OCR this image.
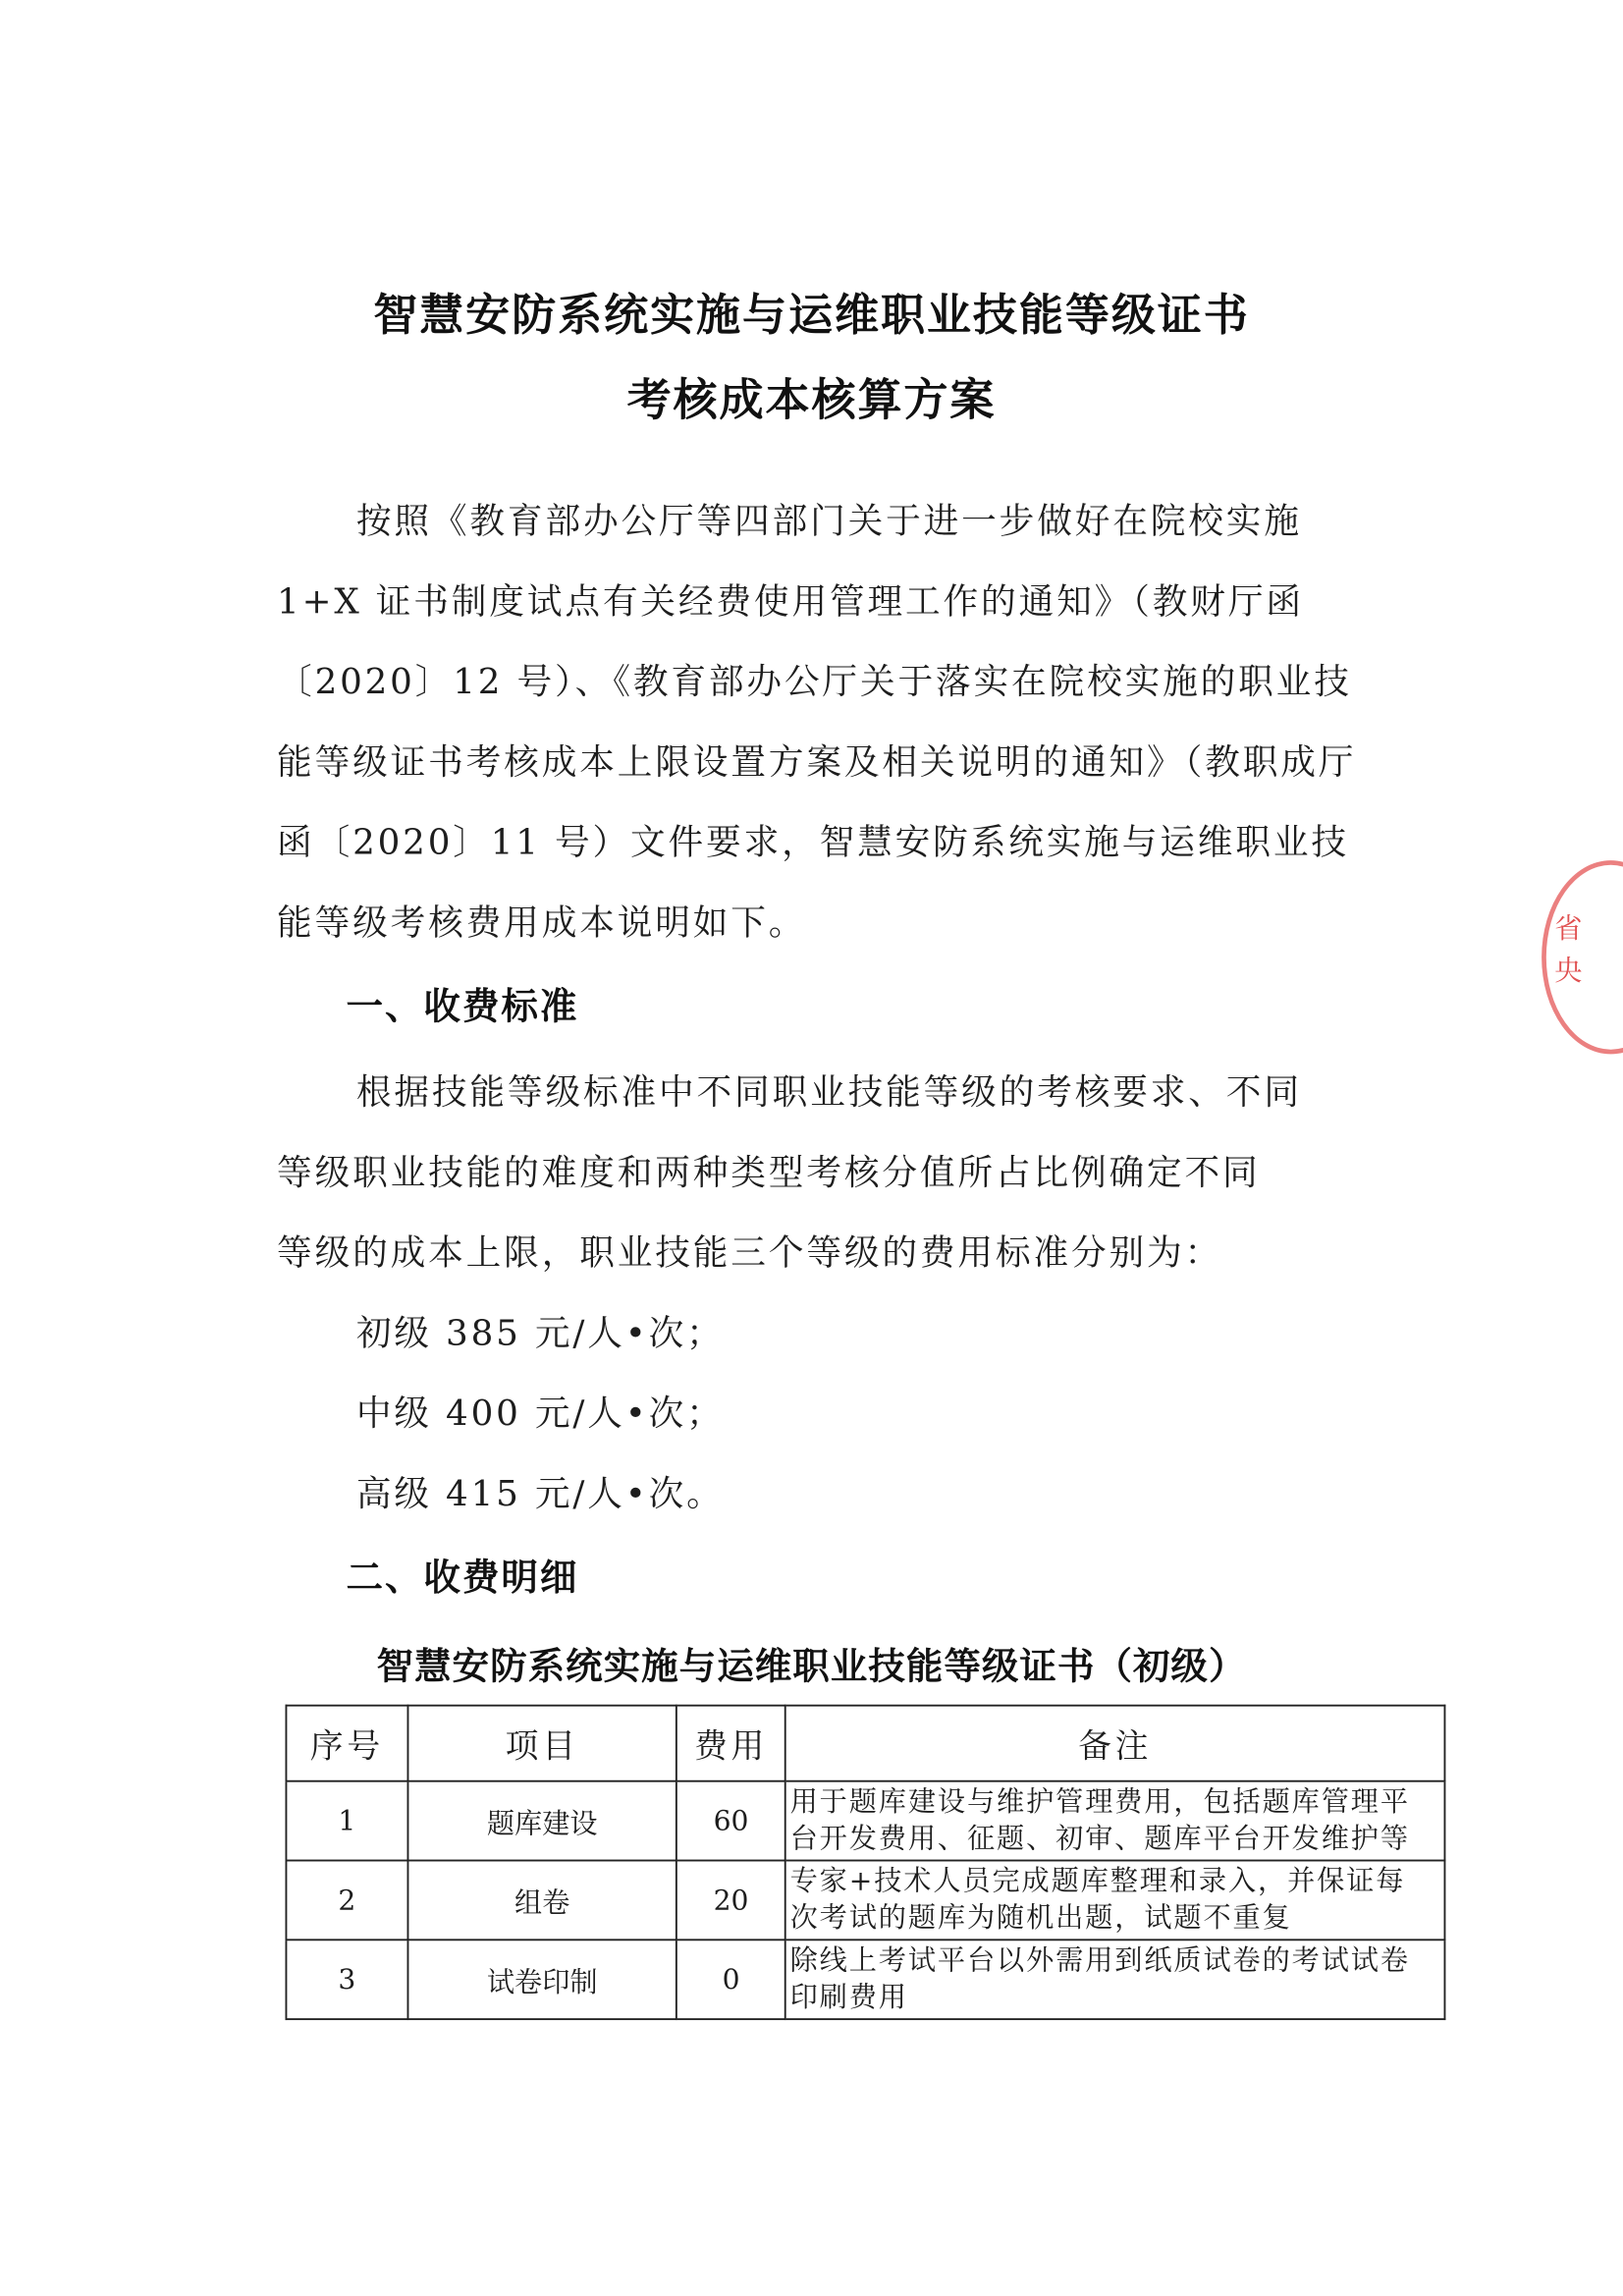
智慧安防系统实施与运维职业技能等级证书
考核成本核算方案
按照《教育部办公厅等四部门关于进一步做好在院校实施
1+X 证书制度试点有关经费使用管理工作的通知》（教财厅函
〔2020〕12 号）、《教育部办公厅关于落实在院校实施的职业技
能等级证书考核成本上限设置方案及相关说明的通知》（教职成厅
函〔2020〕11 号）文件要求，智慧安防系统实施与运维职业技
能等级考核费用成本说明如下。
一、收费标准
根据技能等级标准中不同职业技能等级的考核要求、不同
等级职业技能的难度和两种类型考核分值所占比例确定不同
等级的成本上限，职业技能三个等级的费用标准分别为：
初级 385 元/人•次；
中级 400 元/人•次；
高级 415 元/人•次。
二、收费明细
智慧安防系统实施与运维职业技能等级证书（初级）
序号	项目	费用	备注
1	题库建设	60	用于题库建设与维护管理费用，包括题库管理平
台开发费用、征题、初审、题库平台开发维护等

2	组卷	20	专家+技术人员完成题库整理和录入，并保证每
次考试的题库为随机出题，试题不重复

3	试卷印制	0	除线上考试平台以外需用到纸质试卷的考试试卷
印刷费用
省
央
